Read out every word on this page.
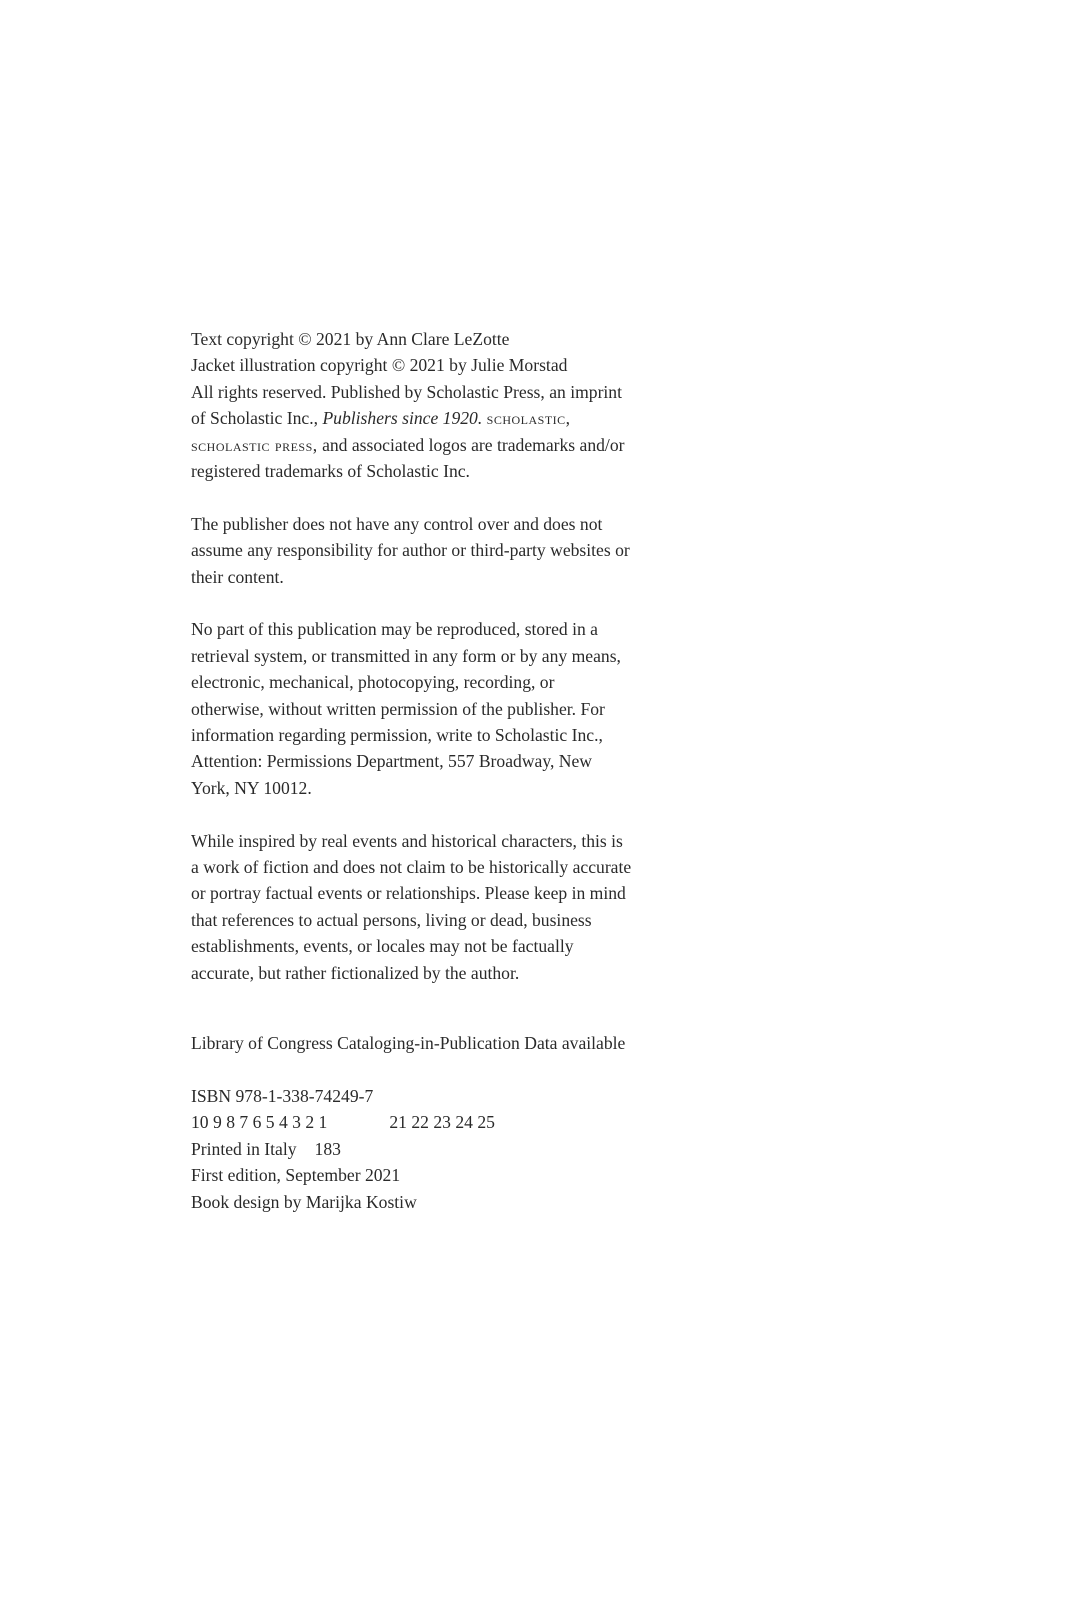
Text copyright © 2021 by Ann Clare LeZotte
Jacket illustration copyright © 2021 by Julie Morstad
All rights reserved. Published by Scholastic Press, an imprint
of Scholastic Inc., Publishers since 1920. scholastic,
scholastic press, and associated logos are trademarks and/or
registered trademarks of Scholastic Inc.
The publisher does not have any control over and does not
assume any responsibility for author or third-party websites or
their content.
No part of this publication may be reproduced, stored in a
retrieval system, or transmitted in any form or by any means,
electronic, mechanical, photocopying, recording, or
otherwise, without written permission of the publisher. For
information regarding permission, write to Scholastic Inc.,
Attention: Permissions Department, 557 Broadway, New
York, NY 10012.
While inspired by real events and historical characters, this is
a work of fiction and does not claim to be historically accurate
or portray factual events or relationships. Please keep in mind
that references to actual persons, living or dead, business
establishments, events, or locales may not be factually
accurate, but rather fictionalized by the author.
Library of Congress Cataloging-in-Publication Data available
ISBN 978-1-338-74249-7
10 9 8 7 6 5 4 3 2 1	21 22 23 24 25
Printed in Italy 183
First edition, September 2021
Book design by Marijka Kostiw
